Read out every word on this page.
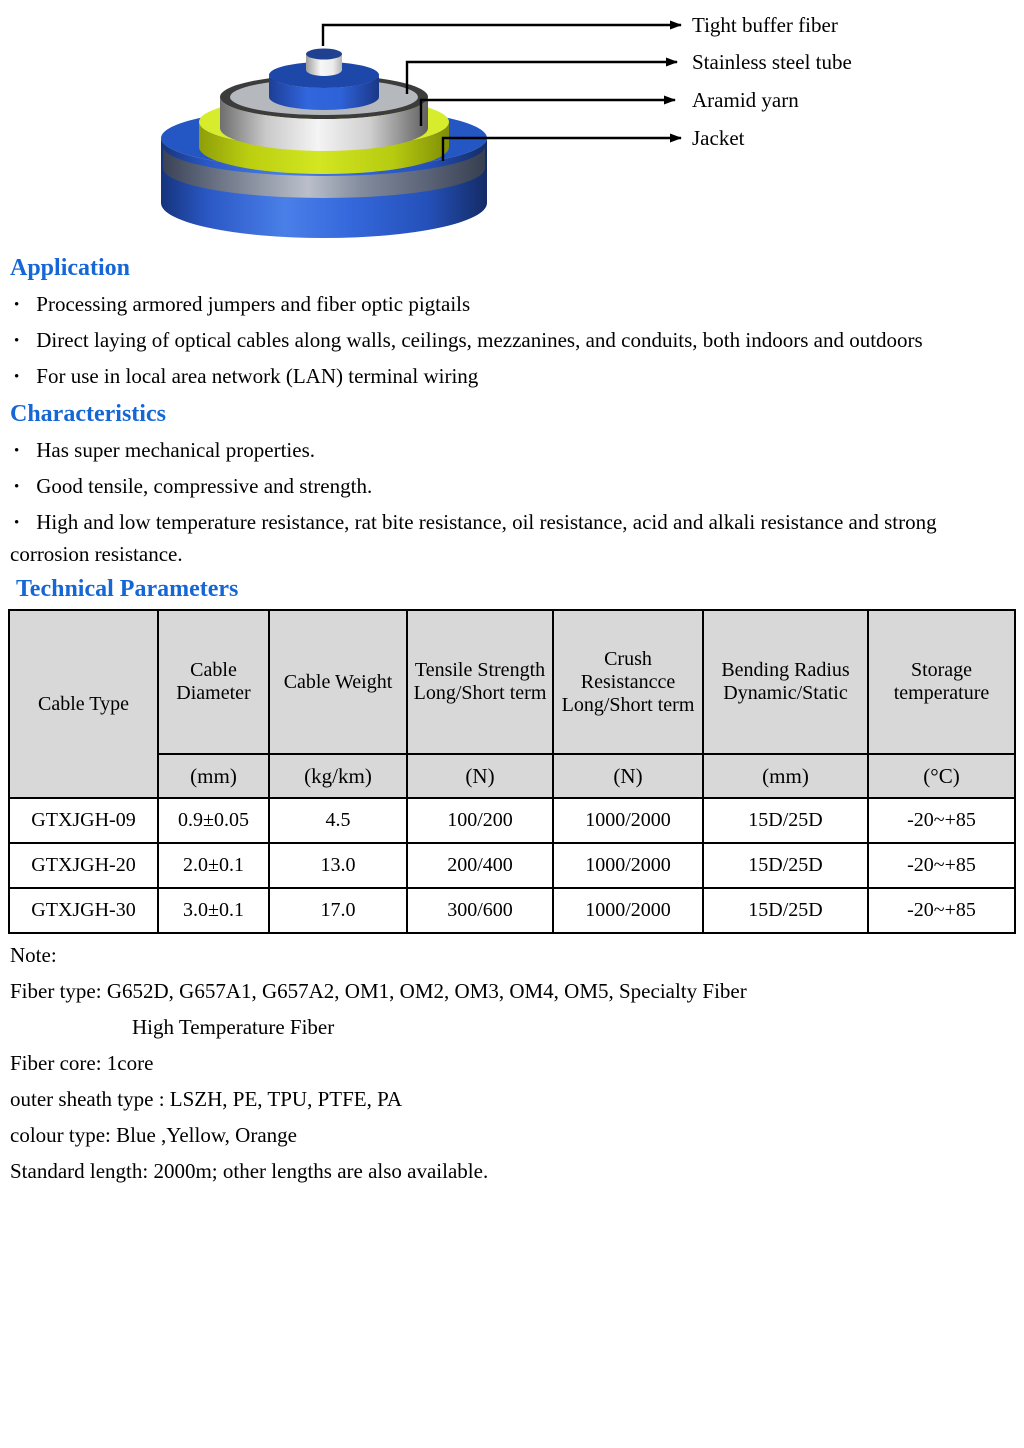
Tight buffer fiber
Stainless steel tube
Aramid yarn
Jacket
Application
• Processing armored jumpers and fiber optic pigtails
• Direct laying of optical cables along walls, ceilings, mezzanines, and conduits, both indoors and outdoors
• For use in local area network (LAN) terminal wiring
Characteristics
• Has super mechanical properties.
• Good tensile, compressive and strength.
• High and low temperature resistance, rat bite resistance, oil resistance, acid and alkali resistance and strong corrosion resistance.
Technical Parameters
Cable Type	Cable Diameter	Cable Weight	Tensile Strength Long/Short term	Crush Resistancce Long/Short term	Bending Radius Dynamic/Static	Storage temperature
	(mm)	(kg/km)	(N)	(N)	(mm)	(°C)
GTXJGH-09	0.9±0.05	4.5	100/200	1000/2000	15D/25D	-20~+85
GTXJGH-20	2.0±0.1	13.0	200/400	1000/2000	15D/25D	-20~+85
GTXJGH-30	3.0±0.1	17.0	300/600	1000/2000	15D/25D	-20~+85

Note:

Fiber type: G652D, G657A1, G657A2, OM1, OM2, OM3, OM4, OM5, Specialty Fiber

High Temperature Fiber

Fiber core: 1core

outer sheath type : LSZH, PE, TPU, PTFE, PA

colour type: Blue ,Yellow, Orange

Standard length: 2000m; other lengths are also available.
